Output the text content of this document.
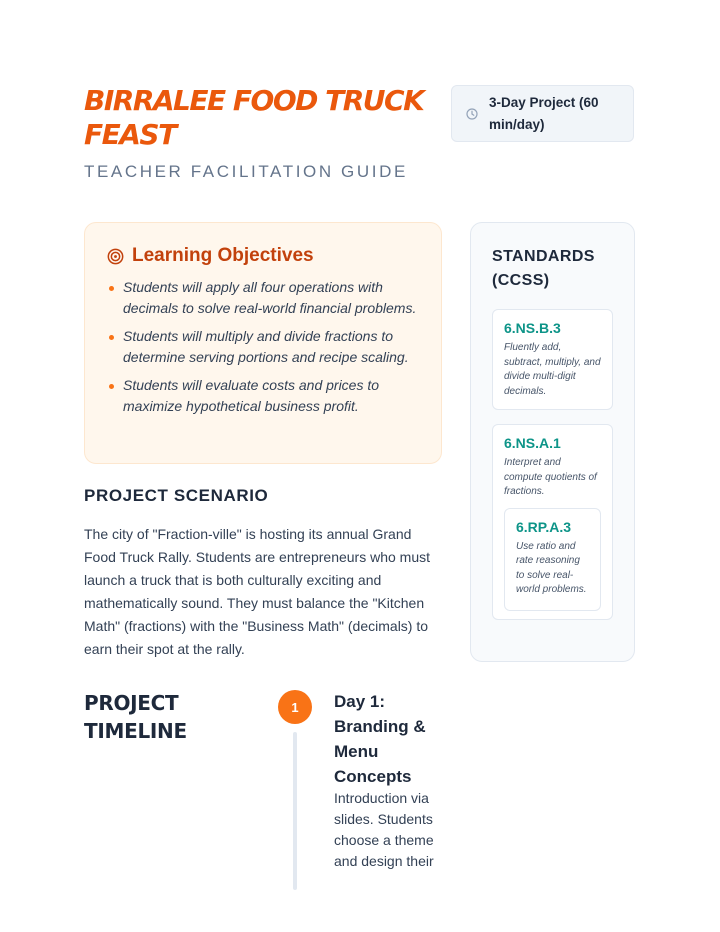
BIRRALEE FOOD TRUCK FEAST
TEACHER FACILITATION GUIDE
3-Day Project (60 min/day)
Learning Objectives
Students will apply all four operations with decimals to solve real-world financial problems.
Students will multiply and divide fractions to determine serving portions and recipe scaling.
Students will evaluate costs and prices to maximize hypothetical business profit.
STANDARDS (CCSS)
6.NS.B.3
Fluently add, subtract, multiply, and divide multi-digit decimals.
6.NS.A.1
Interpret and compute quotients of fractions.
6.RP.A.3
Use ratio and rate reasoning to solve real-world problems.
PROJECT SCENARIO

The city of "Fraction-ville" is hosting its annual Grand Food Truck Rally. Students are entrepreneurs who must launch a truck that is both culturally exciting and mathematically sound. They must balance the "Kitchen Math" (fractions) with the "Business Math" (decimals) to earn their spot at the rally.

PROJECT TIMELINE
1	Day 1: Branding & Menu Concepts

Introduction via slides. Students choose a theme and design their
